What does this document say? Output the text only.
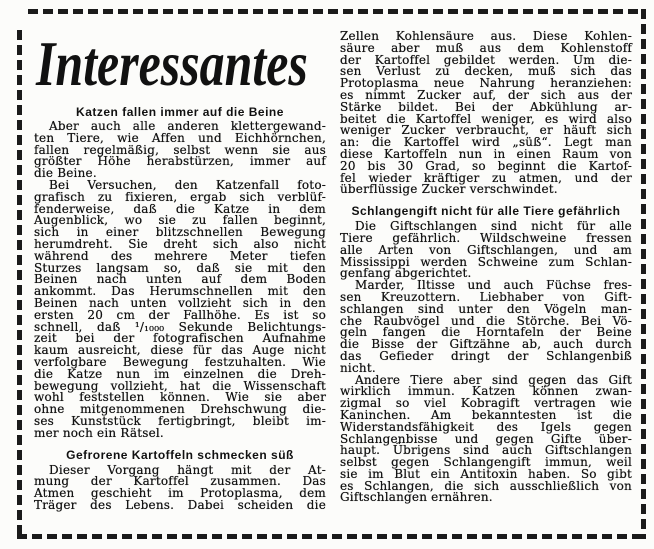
Interessantes
Katzen fallen immer auf die Beine
Aber auch alle anderen klettergewand-
ten Tiere, wie Affen und Eichhörnchen,
fallen regelmäßig, selbst wenn sie aus
größter Höhe herabstürzen, immer auf
die Beine.
Bei Versuchen, den Katzenfall foto-
grafisch zu fixieren, ergab sich verblüf-
fenderweise, daß die Katze in dem
Augenblick, wo sie zu fallen beginnt,
sich in einer blitzschnellen Bewegung
herumdreht. Sie dreht sich also nicht
während des mehrere Meter tiefen
Sturzes langsam so, daß sie mit den
Beinen nach unten auf dem Boden
ankommt. Das Herumschnellen mit den
Beinen nach unten vollzieht sich in den
ersten 20 cm der Fallhöhe. Es ist so
schnell, daß ¹/₁₀₀₀ Sekunde Belichtungs-
zeit bei der fotografischen Aufnahme
kaum ausreicht, diese für das Auge nicht
verfolgbare Bewegung festzuhalten. Wie
die Katze nun im einzelnen die Dreh-
bewegung vollzieht, hat die Wissenschaft
wohl feststellen können. Wie sie aber
ohne mitgenommenen Drehschwung die-
ses Kunststück fertigbringt, bleibt im-
mer noch ein Rätsel.
Gefrorene Kartoffeln schmecken süß
Dieser Vorgang hängt mit der At-
mung der Kartoffel zusammen. Das
Atmen geschieht im Protoplasma, dem
Träger des Lebens. Dabei scheiden die
Zellen Kohlensäure aus. Diese Kohlen-
säure aber muß aus dem Kohlenstoff
der Kartoffel gebildet werden. Um die-
sen Verlust zu decken, muß sich das
Protoplasma neue Nahrung heranziehen:
es nimmt Zucker auf, der sich aus der
Stärke bildet. Bei der Abkühlung ar-
beitet die Kartoffel weniger, es wird also
weniger Zucker verbraucht, er häuft sich
an: die Kartoffel wird „süß“. Legt man
diese Kartoffeln nun in einen Raum von
20 bis 30 Grad, so beginnt die Kartof-
fel wieder kräftiger zu atmen, und der
überflüssige Zucker verschwindet.
Schlangengift nicht für alle Tiere gefährlich
Die Giftschlangen sind nicht für alle
Tiere gefährlich. Wildschweine fressen
alle Arten von Giftschlangen, und am
Mississippi werden Schweine zum Schlan-
genfang abgerichtet.
Marder, Iltisse und auch Füchse fres-
sen Kreuzottern. Liebhaber von Gift-
schlangen sind unter den Vögeln man-
che Raubvögel und die Störche. Bei Vö-
geln fangen die Horntafeln der Beine
die Bisse der Giftzähne ab, auch durch
das Gefieder dringt der Schlangenbiß
nicht.
Andere Tiere aber sind gegen das Gift
wirklich immun. Katzen können zwan-
zigmal so viel Kobragift vertragen wie
Kaninchen. Am bekanntesten ist die
Widerstandsfähigkeit des Igels gegen
Schlangenbisse und gegen Gifte über-
haupt. Übrigens sind auch Giftschlangen
selbst gegen Schlangengift immun, weil
sie im Blut ein Antitoxin haben. So gibt
es Schlangen, die sich ausschließlich von
Giftschlangen ernähren.
